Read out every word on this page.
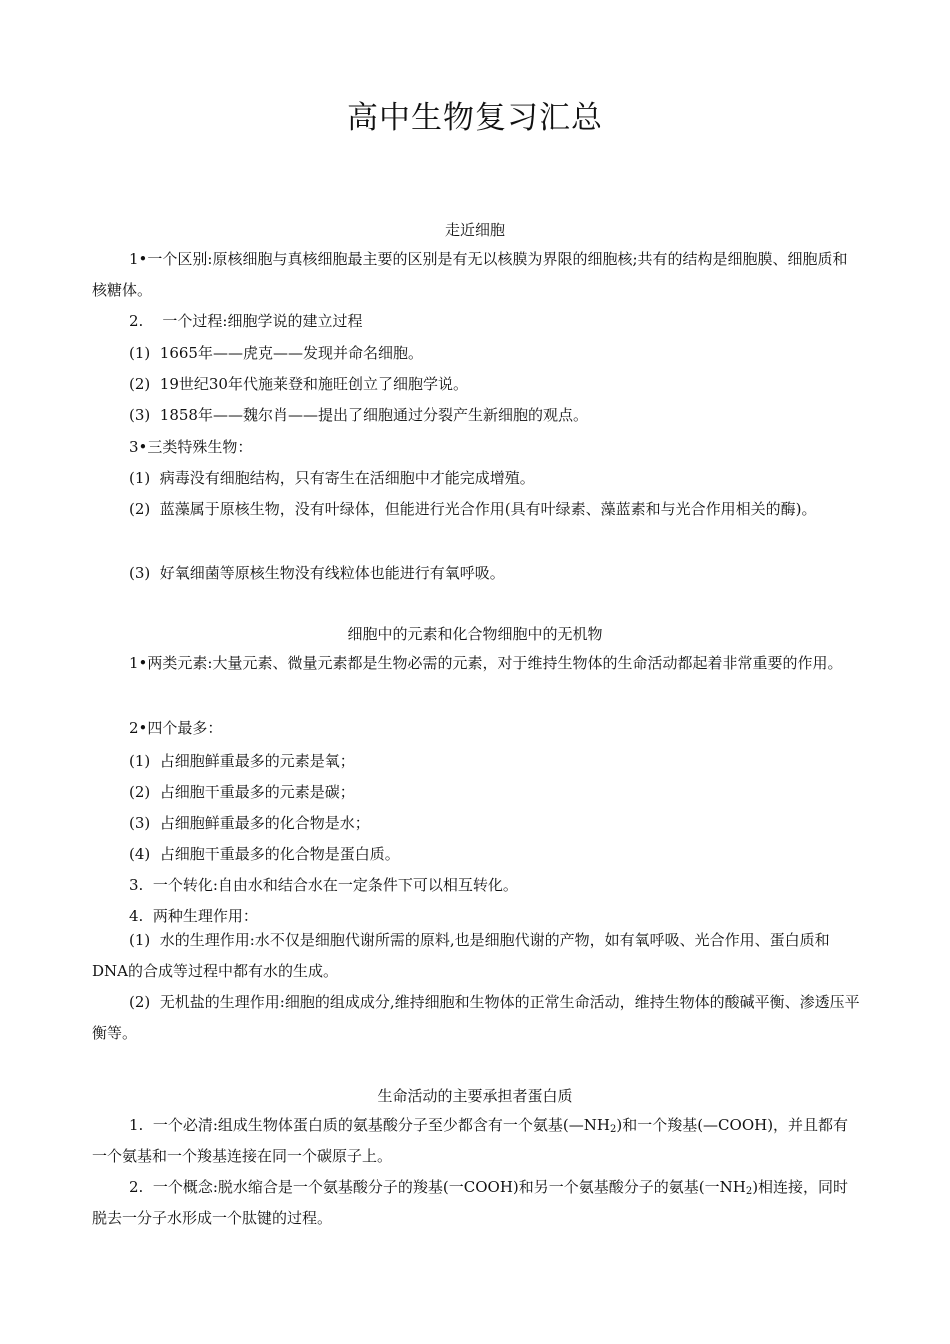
高中生物复习汇总
走近细胞

1•一个区别:原核细胞与真核细胞最主要的区别是有无以核膜为界限的细胞核;共有的结构是细胞膜、细胞质和核糖体。

2.    一个过程:细胞学说的建立过程

(1)  1665年——虎克——发现并命名细胞。

(2)  19世纪30年代施莱登和施旺创立了细胞学说。

(3)  1858年——魏尔肖——提出了细胞通过分裂产生新细胞的观点。

3•三类特殊生物：

(1)  病毒没有细胞结构，只有寄生在活细胞中才能完成增殖。

(2)  蓝藻属于原核生物，没有叶绿体，但能进行光合作用(具有叶绿素、藻蓝素和与光合作用相关的酶)。

(3)  好氧细菌等原核生物没有线粒体也能进行有氧呼吸。

细胞中的元素和化合物细胞中的无机物

1•两类元素:大量元素、微量元素都是生物必需的元素，对于维持生物体的生命活动都起着非常重要的作用。

2•四个最多：

(1)  占细胞鲜重最多的元素是氧；

(2)  占细胞干重最多的元素是碳；

(3)  占细胞鲜重最多的化合物是水；

(4)  占细胞干重最多的化合物是蛋白质。

3.  一个转化:自由水和结合水在一定条件下可以相互转化。

4.  两种生理作用：

(1)  水的生理作用:水不仅是细胞代谢所需的原料,也是细胞代谢的产物，如有氧呼吸、光合作用、蛋白质和DNA的合成等过程中都有水的生成。

(2)  无机盐的生理作用:细胞的组成成分,维持细胞和生物体的正常生命活动，维持生物体的酸碱平衡、渗透压平衡等。

生命活动的主要承担者蛋白质

1.  一个必清:组成生物体蛋白质的氨基酸分子至少都含有一个氨基$(—NH_2)$和一个羧基(—COOH)，并且都有一个氨基和一个羧基连接在同一个碳原子上。

2.  一个概念:脱水缩合是一个氨基酸分子的羧基(一COOH)和另一个氨基酸分子的氨基(一$NH_2$)相连接，同时脱去一分子水形成一个肽键的过程。
